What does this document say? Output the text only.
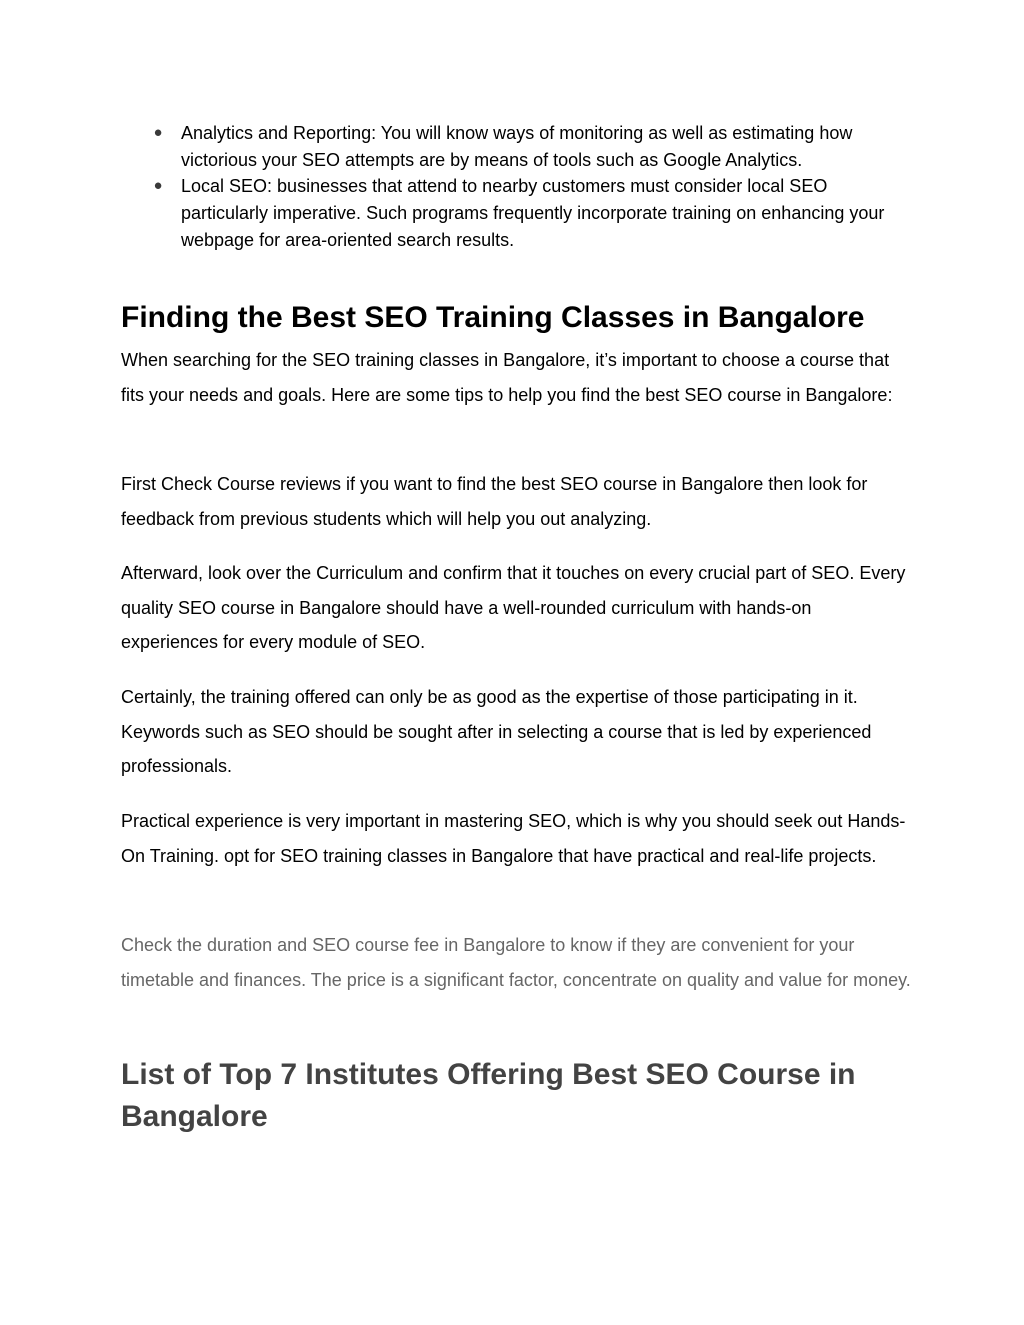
● Analytics and Reporting: You will know ways of monitoring as well as estimating how victorious your SEO attempts are by means of tools such as Google Analytics.
● Local SEO: businesses that attend to nearby customers must consider local SEO particularly imperative. Such programs frequently incorporate training on enhancing your webpage for area-oriented search results.
Finding the Best SEO Training Classes in Bangalore

When searching for the SEO training classes in Bangalore, it’s important to choose a course that fits your needs and goals. Here are some tips to help you find the best SEO course in Bangalore:

First Check Course reviews if you want to find the best SEO course in Bangalore then look for feedback from previous students which will help you out analyzing.

Afterward, look over the Curriculum and confirm that it touches on every crucial part of SEO. Every quality SEO course in Bangalore should have a well-rounded curriculum with hands-on experiences for every module of SEO.

Certainly, the training offered can only be as good as the expertise of those participating in it. Keywords such as SEO should be sought after in selecting a course that is led by experienced professionals.

Practical experience is very important in mastering SEO, which is why you should seek out Hands-On Training. opt for SEO training classes in Bangalore that have practical and real-life projects.

Check the duration and SEO course fee in Bangalore to know if they are convenient for your timetable and finances. The price is a significant factor, concentrate on quality and value for money.

List of Top 7 Institutes Offering Best SEO Course in Bangalore
